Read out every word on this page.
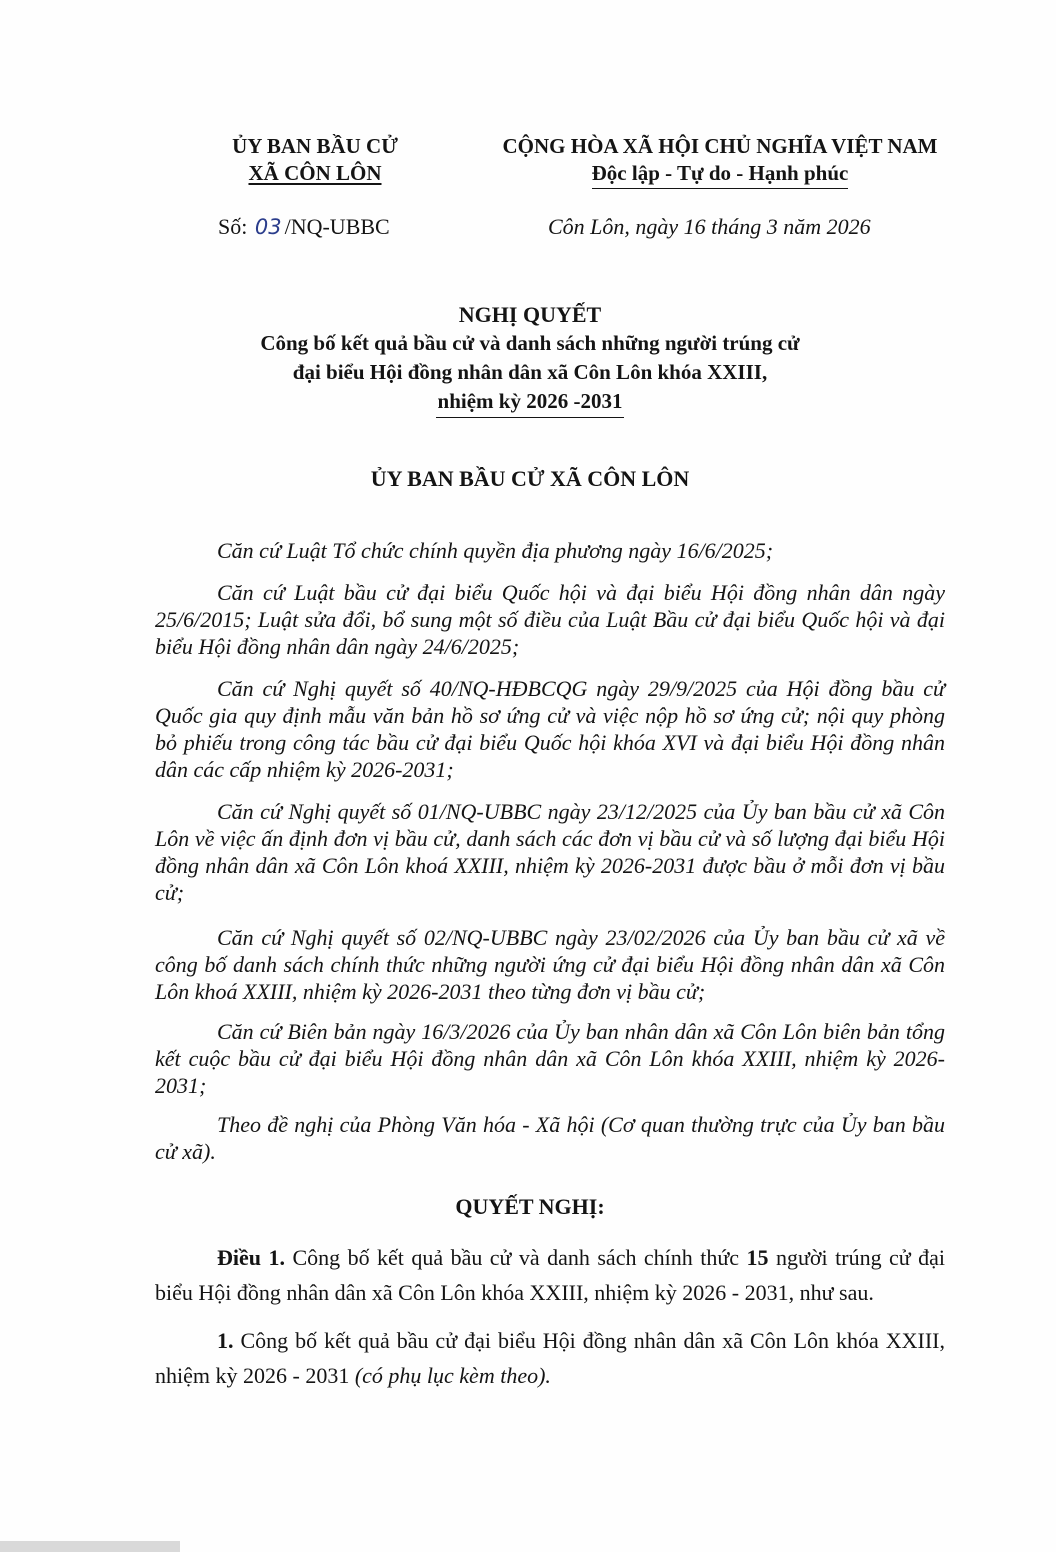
ỦY BAN BẦU CỬ
XÃ CÔN LÔN
CỘNG HÒA XÃ HỘI CHỦ NGHĨA VIỆT NAM
Độc lập - Tự do - Hạnh phúc
Số: 03 /NQ-UBBC	Côn Lôn, ngày 16 tháng 3 năm 2026
NGHỊ QUYẾT
Công bố kết quả bầu cử và danh sách những người trúng cử
đại biểu Hội đồng nhân dân xã Côn Lôn khóa XXIII,
nhiệm kỳ 2026 -2031
ỦY BAN BẦU CỬ XÃ CÔN LÔN

Căn cứ Luật Tổ chức chính quyền địa phương ngày 16/6/2025;

Căn cứ Luật bầu cử đại biểu Quốc hội và đại biểu Hội đồng nhân dân ngày 25/6/2015; Luật sửa đổi, bổ sung một số điều của Luật Bầu cử đại biểu Quốc hội và đại biểu Hội đồng nhân dân ngày 24/6/2025;

Căn cứ Nghị quyết số 40/NQ-HĐBCQG ngày 29/9/2025 của Hội đồng bầu cử Quốc gia quy định mẫu văn bản hồ sơ ứng cử và việc nộp hồ sơ ứng cử; nội quy phòng bỏ phiếu trong công tác bầu cử đại biểu Quốc hội khóa XVI và đại biểu Hội đồng nhân dân các cấp nhiệm kỳ 2026-2031;

Căn cứ Nghị quyết số 01/NQ-UBBC ngày 23/12/2025 của Ủy ban bầu cử xã Côn Lôn về việc ấn định đơn vị bầu cử, danh sách các đơn vị bầu cử và số lượng đại biểu Hội đồng nhân dân xã Côn Lôn khoá XXIII, nhiệm kỳ 2026-2031 được bầu ở mỗi đơn vị bầu cử;

Căn cứ Nghị quyết số 02/NQ-UBBC ngày 23/02/2026 của Ủy ban bầu cử xã về công bố danh sách chính thức những người ứng cử đại biểu Hội đồng nhân dân xã Côn Lôn khoá XXIII, nhiệm kỳ 2026-2031 theo từng đơn vị bầu cử;

Căn cứ Biên bản ngày 16/3/2026 của Ủy ban nhân dân xã Côn Lôn biên bản tổng kết cuộc bầu cử đại biểu Hội đồng nhân dân xã Côn Lôn khóa XXIII, nhiệm kỳ 2026-2031;

Theo đề nghị của Phòng Văn hóa - Xã hội (Cơ quan thường trực của Ủy ban bầu cử xã).

QUYẾT NGHỊ:

Điều 1. Công bố kết quả bầu cử và danh sách chính thức 15 người trúng cử đại biểu Hội đồng nhân dân xã Côn Lôn khóa XXIII, nhiệm kỳ 2026 - 2031, như sau.

1. Công bố kết quả bầu cử đại biểu Hội đồng nhân dân xã Côn Lôn khóa XXIII, nhiệm kỳ 2026 - 2031 (có phụ lục kèm theo).
